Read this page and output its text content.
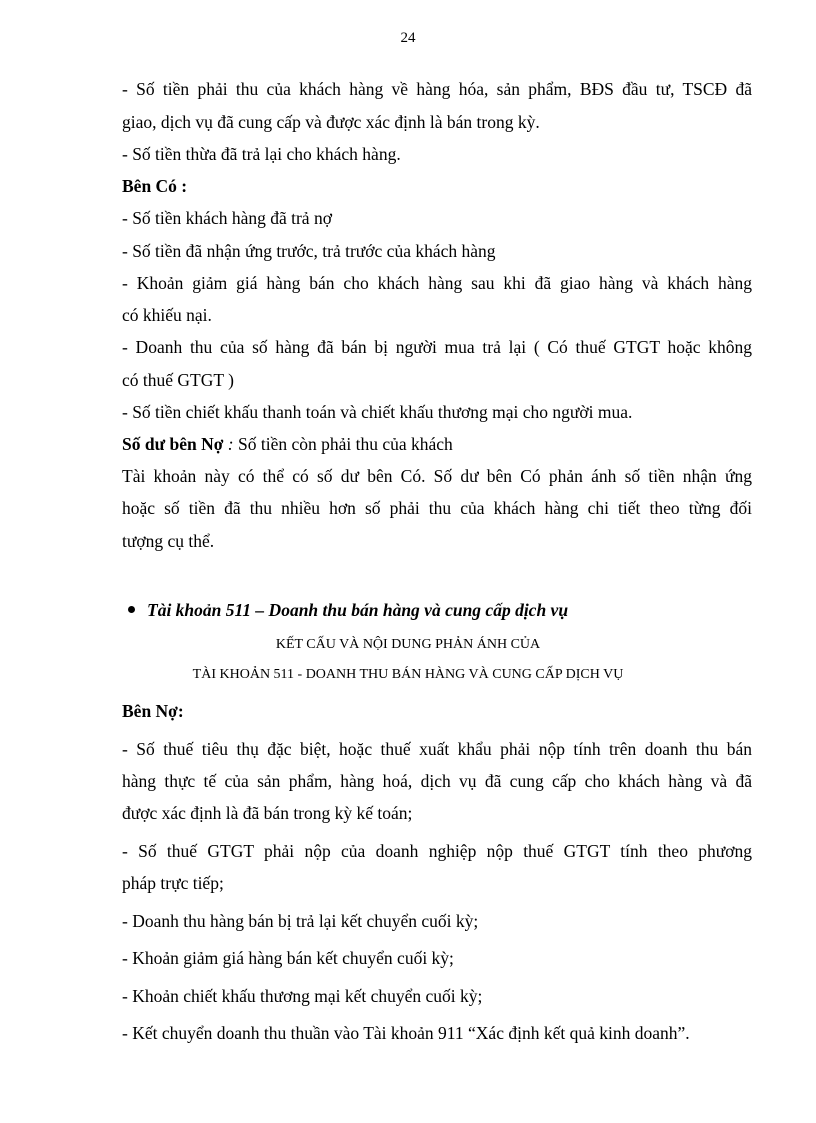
24
- Số tiền phải thu của khách hàng về hàng hóa, sản phẩm, BĐS đầu tư, TSCĐ đã
giao, dịch vụ đã cung cấp và được xác định là bán trong kỳ.
- Số tiền thừa đã trả lại cho khách hàng.
Bên Có :
- Số tiền khách hàng đã trả nợ
- Số tiền đã nhận ứng trước, trả trước của khách hàng
- Khoản giảm giá hàng bán cho khách hàng sau khi đã giao hàng và khách hàng
có khiếu nại.
- Doanh thu của số hàng đã bán bị người mua trả lại ( Có thuế GTGT hoặc không
có thuế GTGT )
- Số tiền chiết khấu thanh toán và chiết khấu thương mại cho người mua.
Số dư bên Nợ : Số tiền còn phải thu của khách
Tài khoản này có thể có số dư bên Có. Số dư bên Có phản ánh số tiền nhận ứng
hoặc số tiền đã thu nhiều hơn số phải thu của khách hàng chi tiết theo từng đối
tượng cụ thể.
Tài khoản 511 – Doanh thu bán hàng và cung cấp dịch vụ
KẾT CẤU VÀ NỘI DUNG PHẢN ÁNH CỦA
TÀI KHOẢN 511 - DOANH THU BÁN HÀNG VÀ CUNG CẤP DỊCH VỤ
Bên Nợ:
- Số thuế tiêu thụ đặc biệt, hoặc thuế xuất khẩu phải nộp tính trên doanh thu bán
hàng thực tế của sản phẩm, hàng hoá, dịch vụ đã cung cấp cho khách hàng và đã
được xác định là đã bán trong kỳ kế toán;
- Số thuế GTGT phải nộp của doanh nghiệp nộp thuế GTGT tính theo phương
pháp trực tiếp;
- Doanh thu hàng bán bị trả lại kết chuyển cuối kỳ;
- Khoản giảm giá hàng bán kết chuyển cuối kỳ;
- Khoản chiết khấu thương mại kết chuyển cuối kỳ;
- Kết chuyển doanh thu thuần vào Tài khoản 911 “Xác định kết quả kinh doanh”.
